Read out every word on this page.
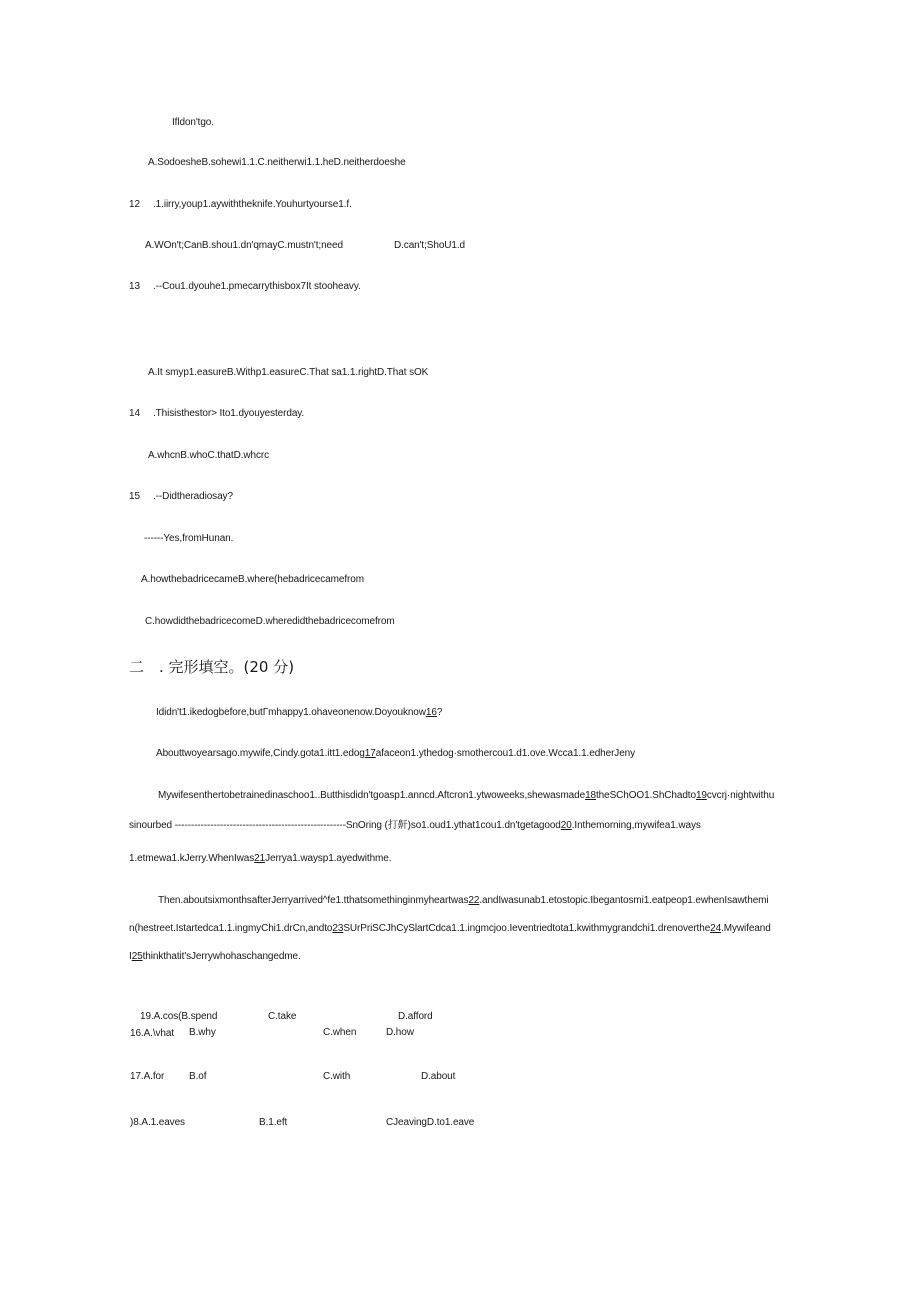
Ifldon'tgo.
A.SodoesheB.sohewi1.1.C.neitherwi1.1.heD.neitherdoeshe
12 .1.iirry,youp1.aywiththeknife.Youhurtyourse1.f.
A.WOn't;CanB.shou1.dn'qmayC.mustn't;need	D.can't;ShoU1.d
13 .--Cou1.dyouhe1.pmecarrythisbox7It stooheavy.
A.It smyp1.easureB.Withp1.easureC.That sa1.1.rightD.That sOK
14 .Thisisthestor> Ito1.dyouyesterday.
A.whcnB.whoC.thatD.whcrc
15 .--Didtheradiosay?
------Yes,fromHunan.
A.howthebadricecameB.where(hebadricecamefrom
C.howdidthebadricecomeD.wheredidthebadricecomefrom
二　. 完形填空。(20 分)
Ididn't1.ikedogbefore,butΓmhappy1.ohaveonenow.Doyouknow16?
Abouttwoyearsago.mywife,Cindy.gota1.itt1.edog17afaceon1.ythedog·smothercou1.d1.ove.Wcca1.1.edherJeny
Mywifesenthertobetrainedinaschoo1..Butthisdidn'tgoasp1.anncd.Aftcron1.ytwoweeks,shewasmade18theSChOO1.ShChadto19cvcrj·nightwithu
sinourbed -----------------------------------------------------SnOring (打鼾)so1.oud1.ythat1cou1.dn'tgetagood20.Inthemorning,mywifea1.ways
1.etmewa1.kJerry.WhenIwas21Jerrya1.waysp1.ayedwithme.
Then.aboutsixmonthsafterJerryarrived^fe1.tthatsomethinginmyheartwas22.andIwasunab1.etostopic.Ibegantosmi1.eatpeop1.ewhenIsawthemi
n(hestreet.Istartedca1.1.ingmyChi1.drCn,andto23SUrPriSCJhCySlartCdca1.1.ingmcjoo.Ieventriedtota1.kwithmygrandchi1.drenoverthe24.Mywifeand
I25thinkthatit'sJerrywhohaschangedme.
19.A.cos(B.spend	C.take	D.afford
16.A.\vhat B.why	C.when	D.how
17.A.for B.of	C.with	D.about
)8.A.1.eaves	B.1.eft	CJeavingD.to1.eave
